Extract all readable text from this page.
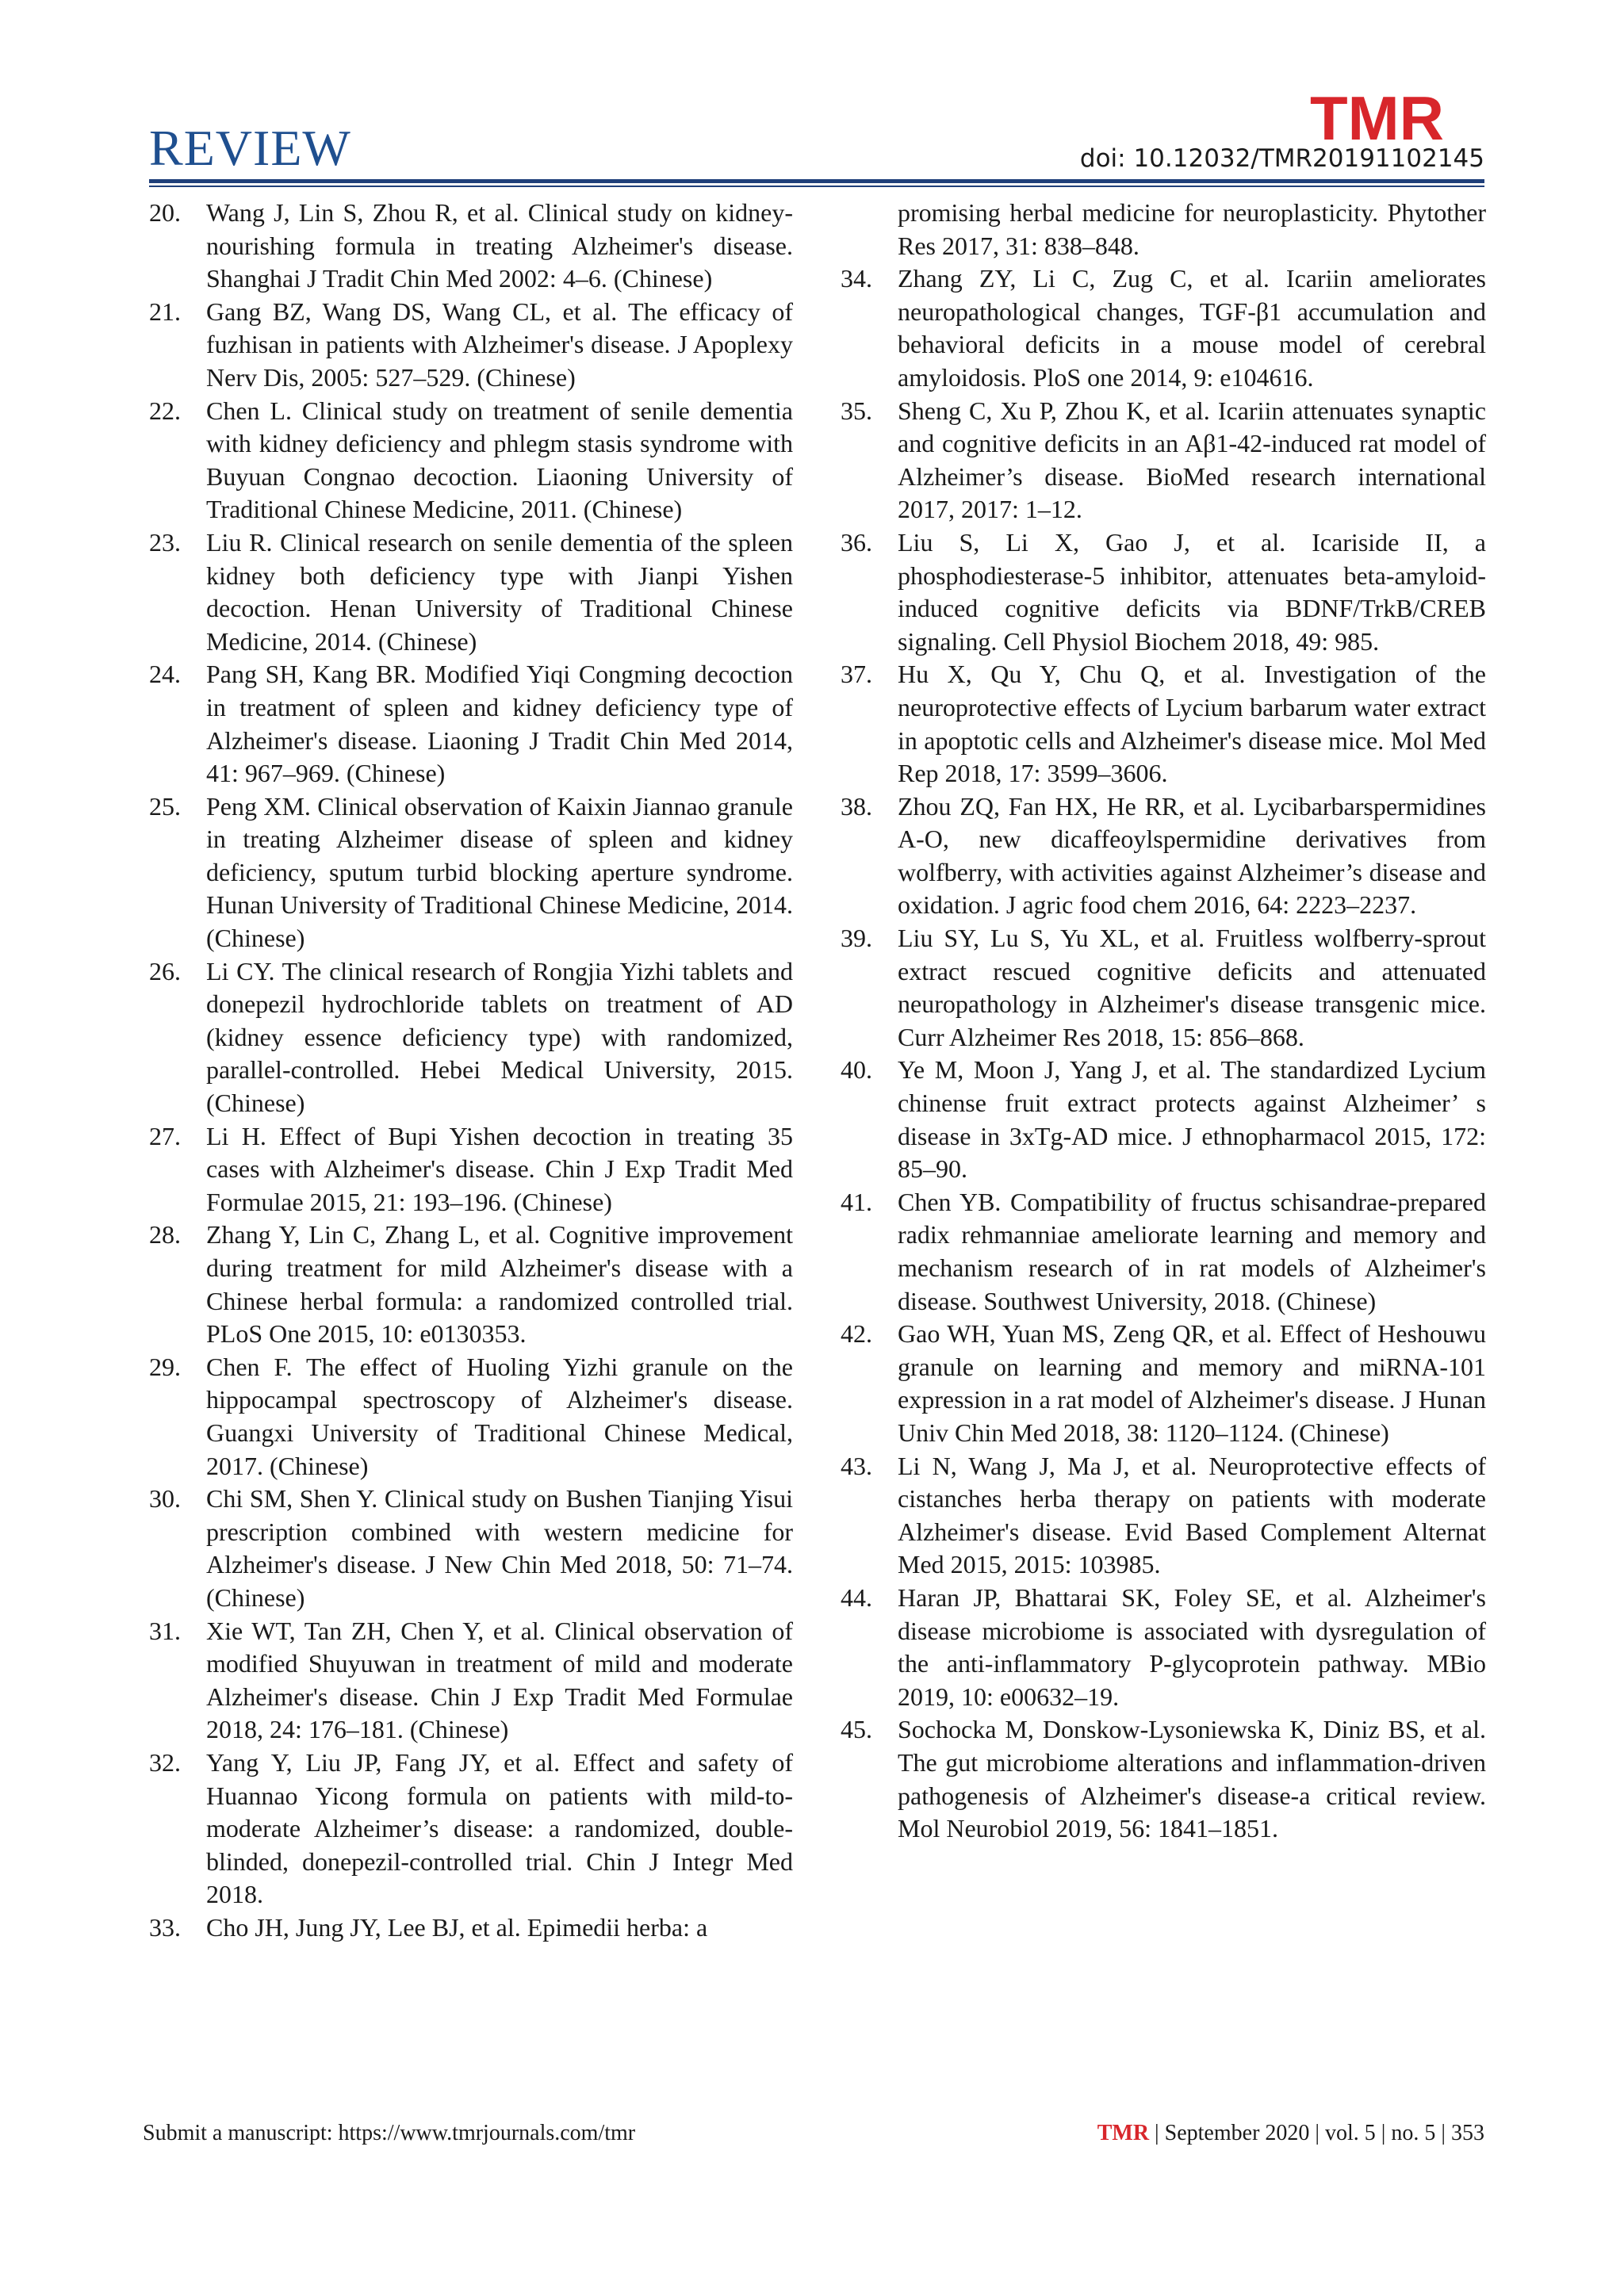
REVIEW	TMR
doi: 10.12032/TMR20191102145
20.	Wang J, Lin S, Zhou R, et al. Clinical study on kidney-nourishing formula in treating Alzheimer's disease. Shanghai J Tradit Chin Med 2002: 4–6. (Chinese)
21.	Gang BZ, Wang DS, Wang CL, et al. The efficacy of fuzhisan in patients with Alzheimer's disease. J Apoplexy Nerv Dis, 2005: 527–529. (Chinese)
22.	Chen L. Clinical study on treatment of senile dementia with kidney deficiency and phlegm stasis syndrome with Buyuan Congnao decoction. Liaoning University of Traditional Chinese Medicine, 2011. (Chinese)
23.	Liu R. Clinical research on senile dementia of the spleen kidney both deficiency type with Jianpi Yishen decoction. Henan University of Traditional Chinese Medicine, 2014. (Chinese)
24.	Pang SH, Kang BR. Modified Yiqi Congming decoction in treatment of spleen and kidney deficiency type of Alzheimer's disease. Liaoning J Tradit Chin Med 2014, 41: 967–969. (Chinese)
25.	Peng XM. Clinical observation of Kaixin Jiannao granule in treating Alzheimer disease of spleen and kidney deficiency, sputum turbid blocking aperture syndrome. Hunan University of Traditional Chinese Medicine, 2014. (Chinese)
26.	Li CY. The clinical research of Rongjia Yizhi tablets and donepezil hydrochloride tablets on treatment of AD (kidney essence deficiency type) with randomized, parallel-controlled. Hebei Medical University, 2015. (Chinese)
27.	Li H. Effect of Bupi Yishen decoction in treating 35 cases with Alzheimer's disease. Chin J Exp Tradit Med Formulae 2015, 21: 193–196. (Chinese)
28.	Zhang Y, Lin C, Zhang L, et al. Cognitive improvement during treatment for mild Alzheimer's disease with a Chinese herbal formula: a randomized controlled trial. PLoS One 2015, 10: e0130353.
29.	Chen F. The effect of Huoling Yizhi granule on the hippocampal spectroscopy of Alzheimer's disease. Guangxi University of Traditional Chinese Medical, 2017. (Chinese)
30.	Chi SM, Shen Y. Clinical study on Bushen Tianjing Yisui prescription combined with western medicine for Alzheimer's disease. J New Chin Med 2018, 50: 71–74. (Chinese)
31.	Xie WT, Tan ZH, Chen Y, et al. Clinical observation of modified Shuyuwan in treatment of mild and moderate Alzheimer's disease. Chin J Exp Tradit Med Formulae 2018, 24: 176–181. (Chinese)
32.	Yang Y, Liu JP, Fang JY, et al. Effect and safety of Huannao Yicong formula on patients with mild-to-moderate Alzheimer’s disease: a randomized, double-blinded, donepezil-controlled trial. Chin J Integr Med 2018.
33.	Cho JH, Jung JY, Lee BJ, et al. Epimedii herba: a
promising herbal medicine for neuroplasticity. Phytother Res 2017, 31: 838–848.
34.	Zhang ZY, Li C, Zug C, et al. Icariin ameliorates neuropathological changes, TGF-β1 accumulation and behavioral deficits in a mouse model of cerebral amyloidosis. PloS one 2014, 9: e104616.
35.	Sheng C, Xu P, Zhou K, et al. Icariin attenuates synaptic and cognitive deficits in an Aβ1-42-induced rat model of Alzheimer’s disease. BioMed research international 2017, 2017: 1–12.
36.	Liu S, Li X, Gao J, et al. Icariside II, a phosphodiesterase-5 inhibitor, attenuates beta-amyloid-induced cognitive deficits via BDNF/TrkB/CREB signaling. Cell Physiol Biochem 2018, 49: 985.
37.	Hu X, Qu Y, Chu Q, et al. Investigation of the neuroprotective effects of Lycium barbarum water extract in apoptotic cells and Alzheimer's disease mice. Mol Med Rep 2018, 17: 3599–3606.
38.	Zhou ZQ, Fan HX, He RR, et al. Lycibarbarspermidines A-O, new dicaffeoylspermidine derivatives from wolfberry, with activities against Alzheimer’s disease and oxidation. J agric food chem 2016, 64: 2223–2237.
39.	Liu SY, Lu S, Yu XL, et al. Fruitless wolfberry-sprout extract rescued cognitive deficits and attenuated neuropathology in Alzheimer's disease transgenic mice. Curr Alzheimer Res 2018, 15: 856–868.
40.	Ye M, Moon J, Yang J, et al. The standardized Lycium chinense fruit extract protects against Alzheimer’ s disease in 3xTg-AD mice. J ethnopharmacol 2015, 172: 85–90.
41.	Chen YB. Compatibility of fructus schisandrae-prepared radix rehmanniae ameliorate learning and memory and mechanism research of in rat models of Alzheimer's disease. Southwest University, 2018. (Chinese)
42.	Gao WH, Yuan MS, Zeng QR, et al. Effect of Heshouwu granule on learning and memory and miRNA-101 expression in a rat model of Alzheimer's disease. J Hunan Univ Chin Med 2018, 38: 1120–1124. (Chinese)
43.	Li N, Wang J, Ma J, et al. Neuroprotective effects of cistanches herba therapy on patients with moderate Alzheimer's disease. Evid Based Complement Alternat Med 2015, 2015: 103985.
44.	Haran JP, Bhattarai SK, Foley SE, et al. Alzheimer's disease microbiome is associated with dysregulation of the anti-inflammatory P-glycoprotein pathway. MBio 2019, 10: e00632–19.
45.	Sochocka M, Donskow-Lysoniewska K, Diniz BS, et al. The gut microbiome alterations and inflammation-driven pathogenesis of Alzheimer's disease-a critical review. Mol Neurobiol 2019, 56: 1841–1851.
Submit a manuscript: https://www.tmrjournals.com/tmr	TMR | September 2020 | vol. 5 | no. 5 | 353
